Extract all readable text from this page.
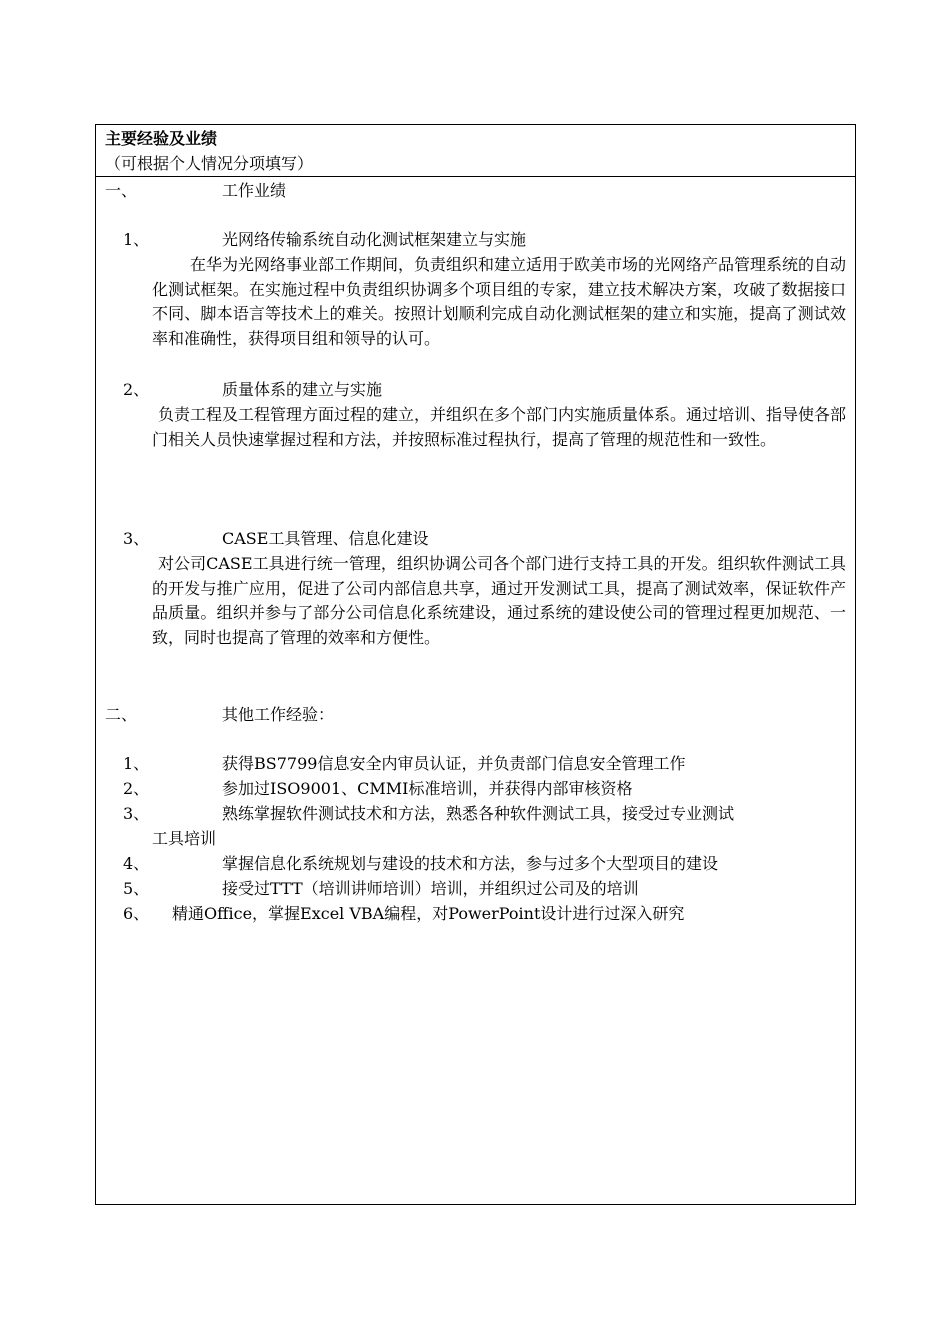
主要经验及业绩
（可根据个人情况分项填写）
一、	工作业绩
1、	光网络传输系统自动化测试框架建立与实施
在华为光网络事业部工作期间，负责组织和建立适用于欧美市场的光网络产品管理系统的自动化测试框架。在实施过程中负责组织协调多个项目组的专家，建立技术解决方案，攻破了数据接口不同、脚本语言等技术上的难关。按照计划顺利完成自动化测试框架的建立和实施，提高了测试效率和准确性，获得项目组和领导的认可。
2、	质量体系的建立与实施
负责工程及工程管理方面过程的建立，并组织在多个部门内实施质量体系。通过培训、指导使各部门相关人员快速掌握过程和方法，并按照标准过程执行，提高了管理的规范性和一致性。
3、	CASE工具管理、信息化建设
对公司CASE工具进行统一管理，组织协调公司各个部门进行支持工具的开发。组织软件测试工具的开发与推广应用，促进了公司内部信息共享，通过开发测试工具，提高了测试效率，保证软件产品质量。组织并参与了部分公司信息化系统建设，通过系统的建设使公司的管理过程更加规范、一致，同时也提高了管理的效率和方便性。
二、	其他工作经验：
1、	获得BS7799信息安全内审员认证，并负责部门信息安全管理工作
2、	参加过ISO9001、CMMI标准培训，并获得内部审核资格
3、	熟练掌握软件测试技术和方法，熟悉各种软件测试工具，接受过专业测试
工具培训
4、	掌握信息化系统规划与建设的技术和方法，参与过多个大型项目的建设
5、	接受过TTT（培训讲师培训）培训，并组织过公司及的培训
6、 精通Office，掌握Excel VBA编程，对PowerPoint设计进行过深入研究
